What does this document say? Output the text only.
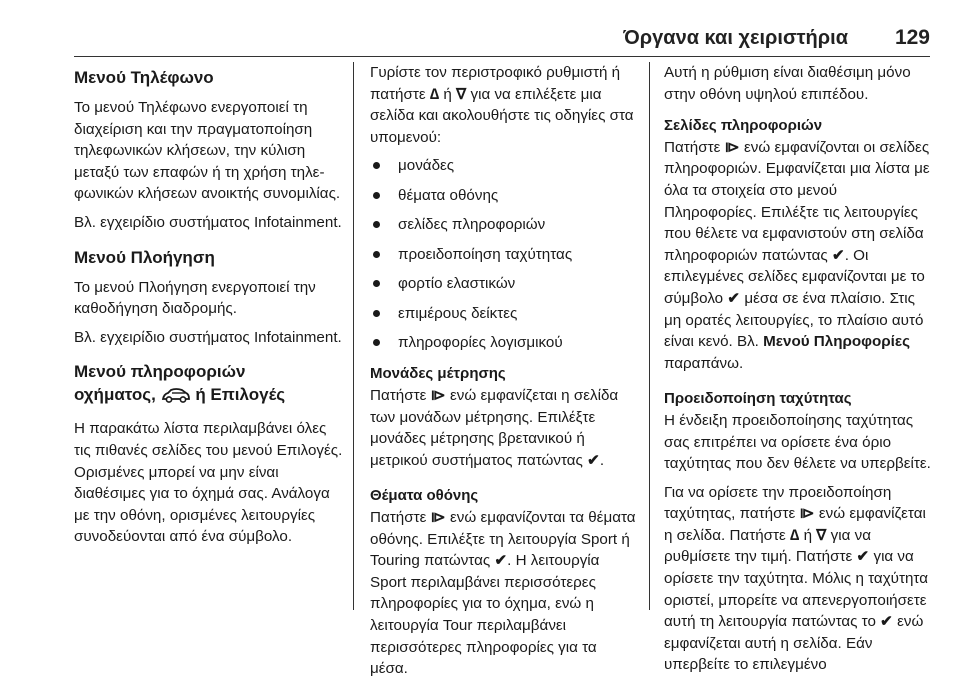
Όργανα και χειριστήρια 129
Μενού Τηλέφωνο

Το μενού Τηλέφωνο ενεργοποιεί τη διαχείριση και την πραγματοποίηση τηλεφωνικών κλήσεων, την κύλιση μεταξύ των επαφών ή τη χρήση τηλεφωνικών κλήσεων ανοικτής συνομιλίας.

Βλ. εγχειρίδιο συστήματος Infotainment.

Μενού Πλοήγηση

Το μενού Πλοήγηση ενεργοποιεί την καθοδήγηση διαδρομής.

Βλ. εγχειρίδιο συστήματος Infotainment.

Μενού πληροφοριών
οχήματος, ή Επιλογές

Η παρακάτω λίστα περιλαμβάνει όλες τις πιθανές σελίδες του μενού Επιλογές. Ορισμένες μπορεί να μην είναι διαθέσιμες για το όχημά σας. Ανάλογα με την οθόνη, ορισμένες λειτουργίες συνοδεύονται από ένα σύμβολο.

Γυρίστε τον περιστροφικό ρυθμιστή ή πατήστε ∆ ή ∇ για να επιλέξετε μια σελίδα και ακολουθήστε τις οδηγίες στα υπομενού:

μονάδες
θέματα οθόνης
σελίδες πληροφοριών
προειδοποίηση ταχύτητας
φορτίο ελαστικών
επιμέρους δείκτες
πληροφορίες λογισμικού
Μονάδες μέτρησης

Πατήστε ⧐ ενώ εμφανίζεται η σελίδα των μονάδων μέτρησης. Επιλέξτε μονάδες μέτρησης βρετανικού ή μετρικού συστήματος πατώντας ✔.

Θέματα οθόνης

Πατήστε ⧐ ενώ εμφανίζονται τα θέματα οθόνης. Επιλέξτε τη λειτουργία Sport ή Touring πατώντας ✔. Η λειτουργία Sport περιλαμβάνει περισσότερες πληροφορίες για το όχημα, ενώ η λειτουργία Tour περιλαμβάνει περισσότερες πληροφορίες για τα μέσα.

Αυτή η ρύθμιση είναι διαθέσιμη μόνο στην οθόνη υψηλού επιπέδου.

Σελίδες πληροφοριών

Πατήστε ⧐ ενώ εμφανίζονται οι σελίδες πληροφοριών. Εμφανίζεται μια λίστα με όλα τα στοιχεία στο μενού Πληροφορίες. Επιλέξτε τις λειτουργίες που θέλετε να εμφανιστούν στη σελίδα πληροφοριών πατώντας ✔. Οι επιλεγμένες σελίδες εμφανίζονται με το σύμβολο ✔ μέσα σε ένα πλαίσιο. Στις μη ορατές λειτουργίες, το πλαίσιο αυτό είναι κενό. Βλ. Μενού Πληροφορίες παραπάνω.

Προειδοποίηση ταχύτητας

Η ένδειξη προειδοποίησης ταχύτητας σας επιτρέπει να ορίσετε ένα όριο ταχύτητας που δεν θέλετε να υπερβείτε.

Για να ορίσετε την προειδοποίηση ταχύτητας, πατήστε ⧐ ενώ εμφανίζεται η σελίδα. Πατήστε ∆ ή ∇ για να ρυθμίσετε την τιμή. Πατήστε ✔ για να ορίσετε την ταχύτητα. Μόλις η ταχύτητα οριστεί, μπορείτε να απενεργοποιήσετε αυτή τη λειτουργία πατώντας το ✔ ενώ εμφανίζεται αυτή η σελίδα. Εάν υπερβείτε το επιλεγμένο
